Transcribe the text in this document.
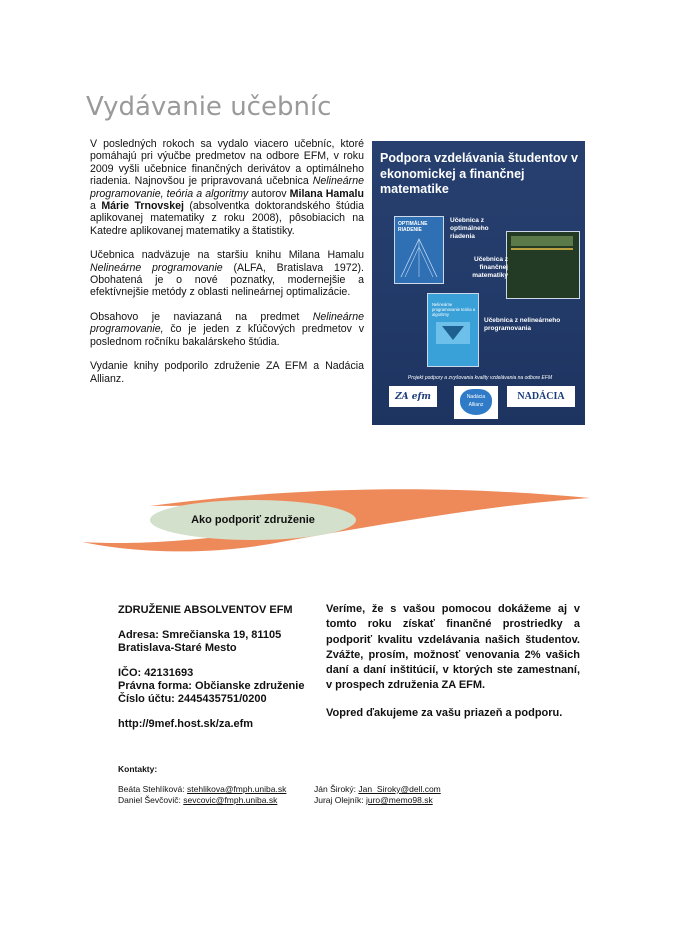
Vydávanie učebníc

V posledných rokoch sa vydalo viacero učebníc, ktoré pomáhajú pri výučbe predmetov na odbore EFM, v roku 2009 vyšli učebnice finančných derivátov a optimálneho riadenia. Najnovšou je pripravovaná učebnica Nelineárne programovanie, teória a algoritmy autorov Milana Hamalu a Márie Trnovskej (absolventka doktorandského štúdia aplikovanej matematiky z roku 2008), pôsobiacich na Katedre aplikovanej matematiky a štatistiky.

Učebnica nadväzuje na staršiu knihu Milana Hamalu Nelineárne programovanie (ALFA, Bratislava 1972). Obohatená je o nové poznatky, modernejšie a efektívnejšie metódy z oblasti nelineárnej optimalizácie.

Obsahovo je naviazaná na predmet Nelineárne programovanie, čo je jeden z kľúčových predmetov v poslednom ročníku bakalárskeho štúdia.

Vydanie knihy podporilo združenie ZA EFM a Nadácia Allianz.

Podpora vzdelávania študentov v ekonomickej a finančnej matematike
OPTIMÁLNE RIADENIE
Učebnica z optimálneho riadenia
Učebnica z finančnej matematiky
Nelineárne programovanie teória a algoritmy
Učebnica z nelineárneho programovania
Projekt podpory a zvyšovania kvality vzdelávania na odbore EFM
ZA efm	Nadácia Allianz
NADÁCIA
Ako podporiť združenie

ZDRUŽENIE ABSOLVENTOV EFM

Adresa: Smrečianska 19, 81105
Bratislava-Staré Mesto

IČO: 42131693
Právna forma: Občianske združenie
Číslo účtu: 2445435751/0200

http://9mef.host.sk/za.efm

Veríme, že s vašou pomocou dokážeme aj v tomto roku získať finančné prostriedky a podporiť kvalitu vzdelávania našich študentov. Zvážte, prosím, možnosť venovania 2% vašich daní a daní inštitúcií, v ktorých ste zamestnaní, v prospech združenia ZA EFM.

Vopred ďakujeme za vašu priazeň a podporu.

Kontakty:
Beáta Stehlíková: stehlikova@fmph.uniba.sk	Ján Široký: Jan_Siroky@dell.com
Daniel Ševčovič: sevcovic@fmph.uniba.sk	Juraj Olejník: juro@memo98.sk
